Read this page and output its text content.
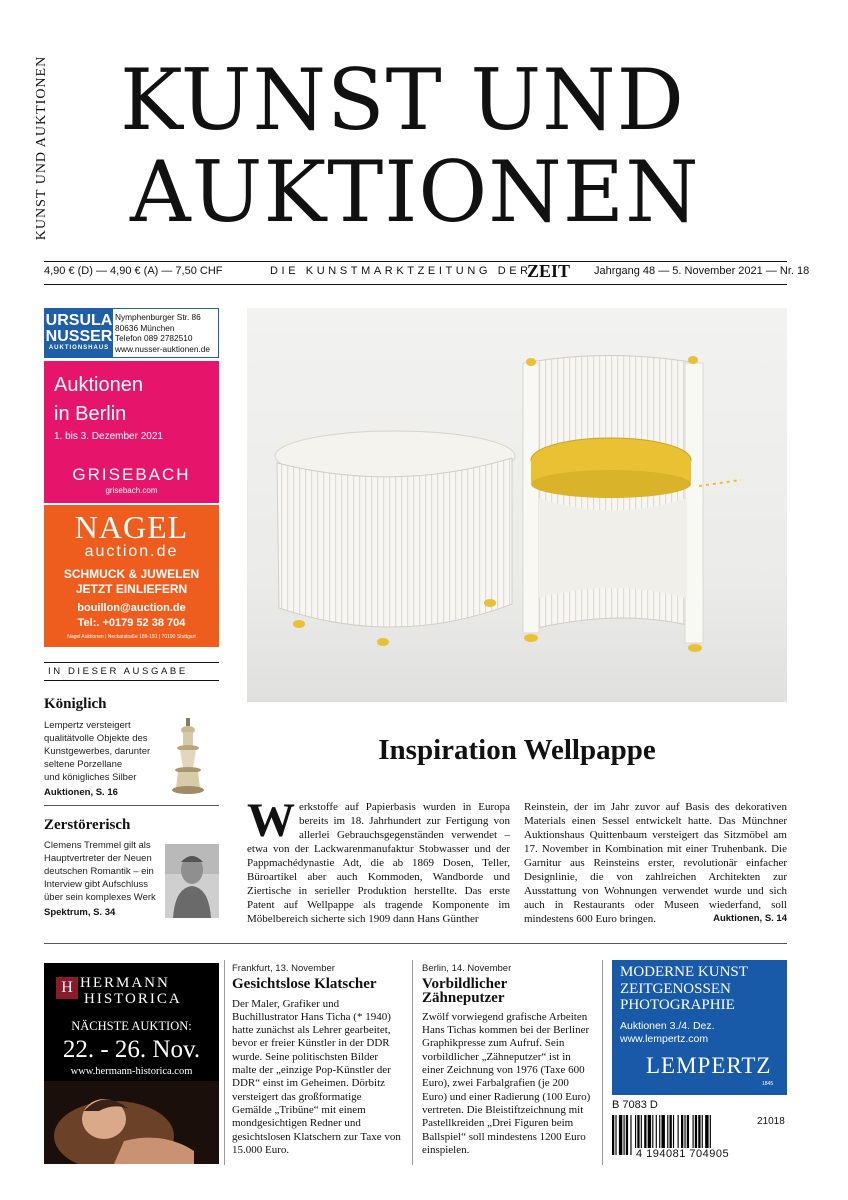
KUNST UND AUKTIONEN KUNST UND
AUKTIONEN
4,90 € (D) — 4,90 € (A) — 7,50 CHF	DIE KUNSTMARKTZEITUNG DER
ZEIT Jahrgang 48 — 5. November 2021 — Nr. 18
URSULA
NUSSER
AUKTIONSHAUS
Nymphenburger Str. 86
80636 München
Telefon 089 2782510
www.nusser-auktionen.de
Auktionen
in Berlin
1. bis 3. Dezember 2021
GRISEBACH
grisebach.com
NAGEL
auction.de
SCHMUCK & JUWELEN
JETZT EINLIEFERN
bouillon@auction.de
Tel:. +0179 52 38 704
Nagel Auktionen | Neckarstraße 189-191 | 70190 Stuttgart
IN DIESER AUSGABE
Königlich
Lempertz versteigert
qualitätvolle Objekte des
Kunstgewerbes, darunter
seltene Porzellane
und königliches Silber
Auktionen, S. 16
Zerstörerisch
Clemens Tremmel gilt als
Hauptvertreter der Neuen
deutschen Romantik – ein
Interview gibt Aufschluss
über sein komplexes Werk
Spektrum, S. 34
Inspiration Wellpappe
Werkstoffe auf Papierbasis wurden in Europa bereits im 18. Jahrhundert zur Fertigung von allerlei Gebrauchsgegenständen verwendet – etwa von der Lackwarenmanufaktur Stobwasser und der Pappmachédynastie Adt, die ab 1869 Dosen, Teller, Büroartikel aber auch Kommoden, Wandborde und Ziertische in serieller Produktion herstellte. Das erste Patent auf Wellpappe als tragende Komponente im Möbelbereich sicherte sich 1909 dann Hans Günther
Reinstein, der im Jahr zuvor auf Basis des dekorativen Materials einen Sessel entwickelt hatte. Das Münchner Auktionshaus Quittenbaum versteigert das Sitzmöbel am 17. November in Kombination mit einer Truhenbank. Die Garnitur aus Reinsteins erster, revolutionär einfacher Designlinie, die von zahlreichen Architekten zur Ausstattung von Wohnungen verwendet wurde und sich auch in Restaurants oder Museen wiederfand, soll mindestens 600 Euro bringen.	Auktionen, S. 14
H HERMANN
HISTORICA
NÄCHSTE AUKTION:
22. - 26. Nov.
www.hermann-historica.com
Frankfurt, 13. November
Gesichtslose Klatscher
Der Maler, Grafiker und Buchillustrator Hans Ticha (* 1940) hatte zunächst als Lehrer gearbeitet, bevor er freier Künstler in der DDR wurde. Seine politischsten Bilder malte der „einzige Pop-Künstler der DDR“ einst im Geheimen. Dörbitz versteigert das großformatige Gemälde „Tribüne“ mit einem mondgesichtigen Redner und gesichtslosen Klatschern zur Taxe von 15.000 Euro.
Berlin, 14. November
Vorbildlicher Zähneputzer
Zwölf vorwiegend grafische Arbeiten Hans Tichas kommen bei der Berliner Graphikpresse zum Aufruf. Sein vorbildlicher „Zähneputzer“ ist in einer Zeichnung von 1976 (Taxe 600 Euro), zwei Farbalgrafien (je 200 Euro) und einer Radierung (100 Euro) vertreten. Die Bleistiftzeichnung mit Pastellkreiden „Drei Figuren beim Ballspiel“ soll mindestens 1200 Euro einspielen.
MODERNE KUNST
ZEITGENOSSEN
PHOTOGRAPHIE
Auktionen 3./4. Dez.
www.lempertz.com
LEMPERTZ
1845
B 7083 D
21018
4 194081 704905
